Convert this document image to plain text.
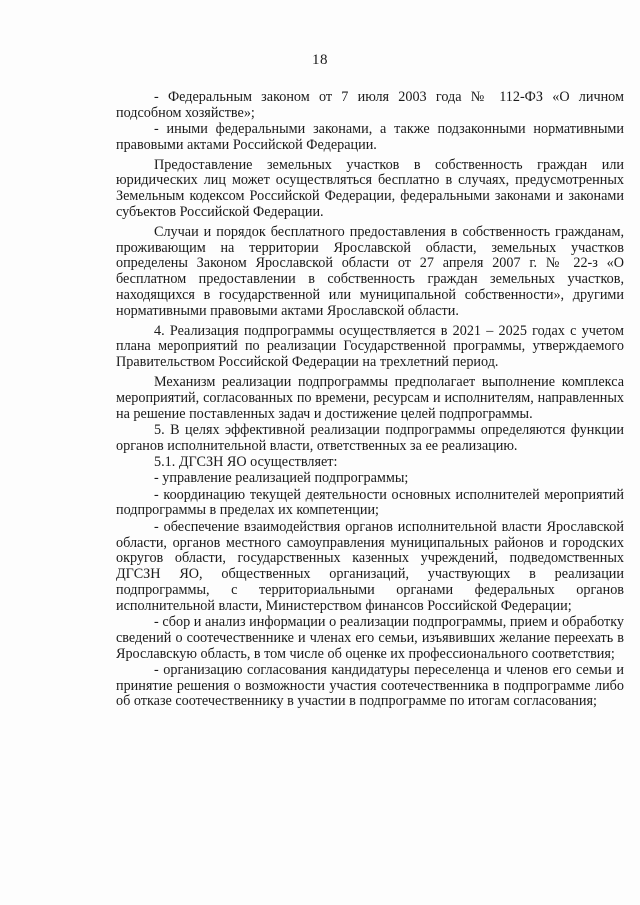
18

- Федеральным законом от 7 июля 2003 года № 112-ФЗ «О личном подсобном хозяйстве»;

- иными федеральными законами, а также подзаконными нормативными правовыми актами Российской Федерации.

Предоставление земельных участков в собственность граждан или юридических лиц может осуществляться бесплатно в случаях, предусмотренных Земельным кодексом Российской Федерации, федеральными законами и законами субъектов Российской Федерации.

Случаи и порядок бесплатного предоставления в собственность гражданам, проживающим на территории Ярославской области, земельных участков определены Законом Ярославской области от 27 апреля 2007 г. № 22-з «О бесплатном предоставлении в собственность граждан земельных участков, находящихся в государственной или муниципальной собственности», другими нормативными правовыми актами Ярославской области.

4. Реализация подпрограммы осуществляется в 2021 – 2025 годах с учетом плана мероприятий по реализации Государственной программы, утверждаемого Правительством Российской Федерации на трехлетний период.

Механизм реализации подпрограммы предполагает выполнение комплекса мероприятий, согласованных по времени, ресурсам и исполнителям, направленных на решение поставленных задач и достижение целей подпрограммы.

5. В целях эффективной реализации подпрограммы определяются функции органов исполнительной власти, ответственных за ее реализацию.

5.1. ДГСЗН ЯО осуществляет:

- управление реализацией подпрограммы;

- координацию текущей деятельности основных исполнителей мероприятий подпрограммы в пределах их компетенции;

- обеспечение взаимодействия органов исполнительной власти Ярославской области, органов местного самоуправления муниципальных районов и городских округов области, государственных казенных учреждений, подведомственных ДГСЗН ЯО, общественных организаций, участвующих в реализации подпрограммы, с территориальными органами федеральных органов исполнительной власти, Министерством финансов Российской Федерации;

- сбор и анализ информации о реализации подпрограммы, прием и обработку сведений о соотечественнике и членах его семьи, изъявивших желание переехать в Ярославскую область, в том числе об оценке их профессионального соответствия;

- организацию согласования кандидатуры переселенца и членов его семьи и принятие решения о возможности участия соотечественника в подпрограмме либо об отказе соотечественнику в участии в подпрограмме по итогам согласования;
